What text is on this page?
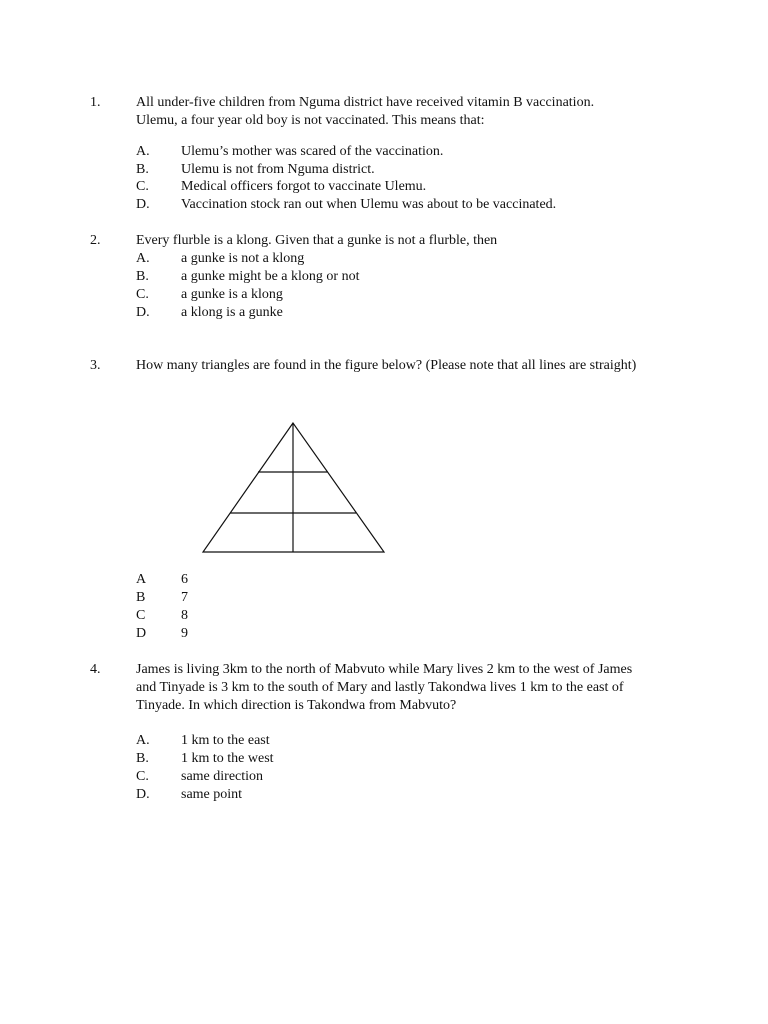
1.	All under-five children from Nguma district have received vitamin B vaccination.
Ulemu, a four year old boy is not vaccinated. This means that:
A. Ulemu’s mother was scared of the vaccination.
B. Ulemu is not from Nguma district.
C. Medical officers forgot to vaccinate Ulemu.
D. Vaccination stock ran out when Ulemu was about to be vaccinated.
2.	Every flurble is a klong. Given that a gunke is not a flurble, then
A. a gunke is not a klong
B. a gunke might be a klong or not
C. a gunke is a klong
D. a klong is a gunke
3.	How many triangles are found in the figure below? (Please note that all lines are straight)
A 6
B	7
C	8
D 9
4.	James is living 3km to the north of Mabvuto while Mary lives 2 km to the west of James
and Tinyade is 3 km to the south of Mary and lastly Takondwa lives 1 km to the east of
Tinyade. In which direction is Takondwa from Mabvuto?
A. 1 km to the east
B. 1 km to the west
C. same direction
D. same point
